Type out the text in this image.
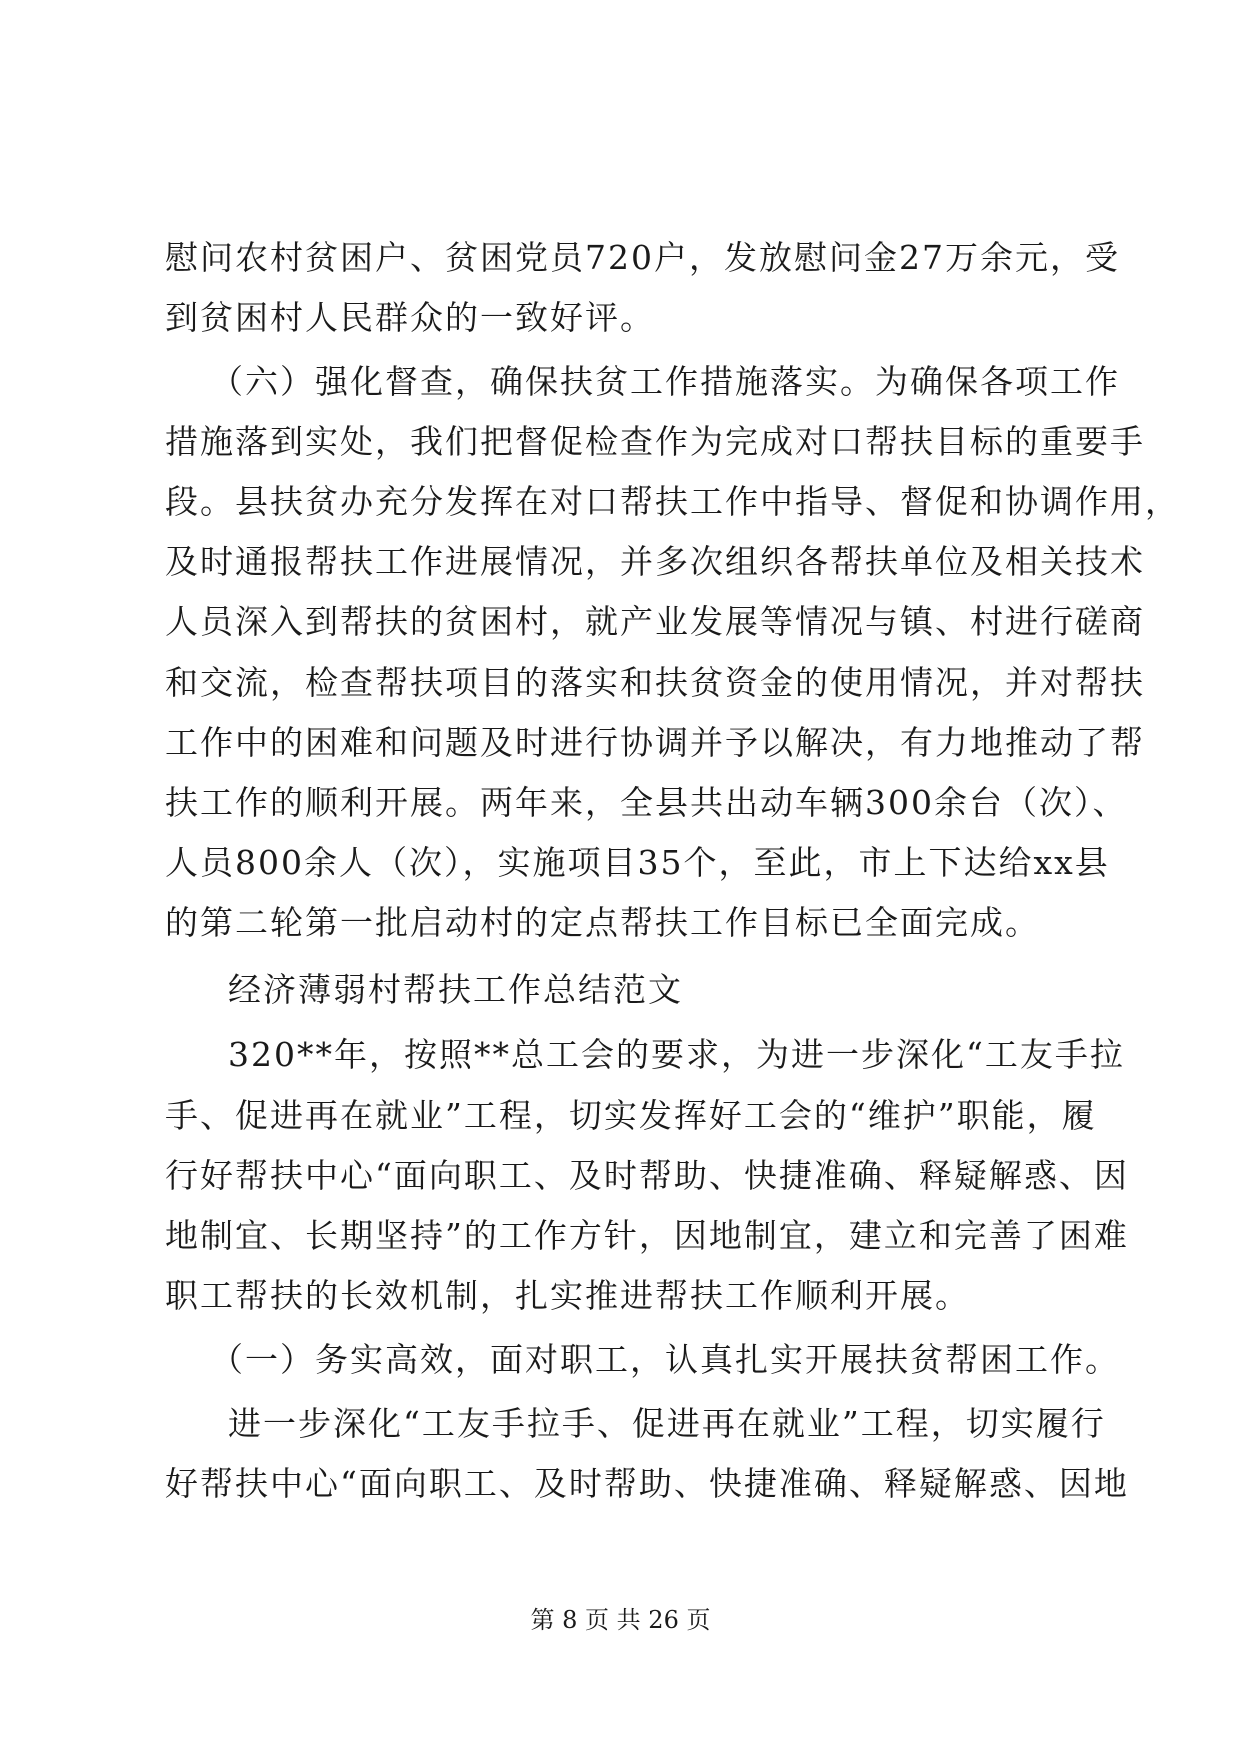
慰问农村贫困户、贫困党员720户，发放慰问金27万余元，受
到贫困村人民群众的一致好评。
（六）强化督查，确保扶贫工作措施落实。为确保各项工作
措施落到实处，我们把督促检查作为完成对口帮扶目标的重要手
段。县扶贫办充分发挥在对口帮扶工作中指导、督促和协调作用，
及时通报帮扶工作进展情况，并多次组织各帮扶单位及相关技术
人员深入到帮扶的贫困村，就产业发展等情况与镇、村进行磋商
和交流，检查帮扶项目的落实和扶贫资金的使用情况，并对帮扶
工作中的困难和问题及时进行协调并予以解决，有力地推动了帮
扶工作的顺利开展。两年来，全县共出动车辆300余台（次）、
人员800余人（次），实施项目35个，至此，市上下达给xx县
的第二轮第一批启动村的定点帮扶工作目标已全面完成。
经济薄弱村帮扶工作总结范文
320**年，按照**总工会的要求，为进一步深化“工友手拉
手、促进再在就业”工程，切实发挥好工会的“维护”职能，履
行好帮扶中心“面向职工、及时帮助、快捷准确、释疑解惑、因
地制宜、长期坚持”的工作方针，因地制宜，建立和完善了困难
职工帮扶的长效机制，扎实推进帮扶工作顺利开展。
（一）务实高效，面对职工，认真扎实开展扶贫帮困工作。
进一步深化“工友手拉手、促进再在就业”工程，切实履行
好帮扶中心“面向职工、及时帮助、快捷准确、释疑解惑、因地
第 8 页 共 26 页
